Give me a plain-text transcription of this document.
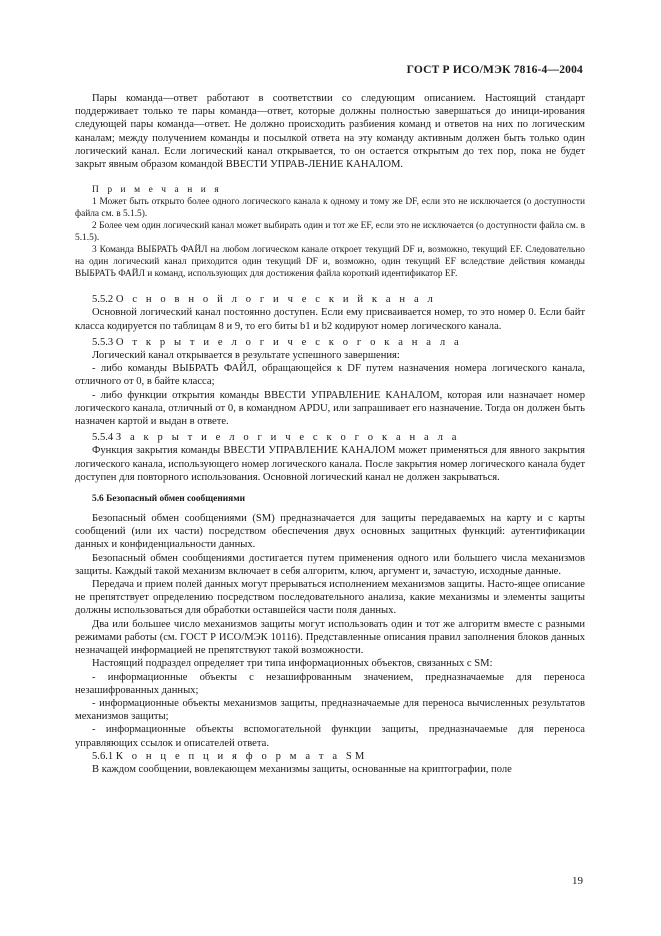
ГОСТ Р ИСО/МЭК 7816-4—2004

Пары команда—ответ работают в соответствии со следующим описанием. Настоящий стандарт поддерживает только те пары команда—ответ, которые должны полностью завершаться до иници-ирования следующей пары команда—ответ. Не должно происходить разбиения команд и ответов на них по логическим каналам; между получением команды и посылкой ответа на эту команду активным должен быть только один логический канал. Если логический канал открывается, то он остается открытым до тех пор, пока не будет закрыт явным образом командой ВВЕСТИ УПРАВ-ЛЕНИЕ КАНАЛОМ.

П р и м е ч а н и я

1 Может быть открыто более одного логического канала к одному и тому же DF, если это не исключается (о доступности файла см. в 5.1.5).

2 Более чем один логический канал может выбирать один и тот же EF, если это не исключается (о доступности файла см. в 5.1.5).

3 Команда ВЫБРАТЬ ФАЙЛ на любом логическом канале откроет текущий DF и, возможно, текущий EF. Следовательно на один логический канал приходится один текущий DF и, возможно, один текущий EF вследствие действия команды ВЫБРАТЬ ФАЙЛ и команд, использующих для достижения файла короткий идентификатор EF.

5.5.2 О с н о в н о й л о г и ч е с к и й к а н а л

Основной логический канал постоянно доступен. Если ему присваивается номер, то это номер 0. Если байт класса кодируется по таблицам 8 и 9, то его биты b1 и b2 кодируют номер логического канала.

5.5.3 О т к р ы т и е л о г и ч е с к о г о к а н а л а

Логический канал открывается в результате успешного завершения:

- либо команды ВЫБРАТЬ ФАЙЛ, обращающейся к DF путем назначения номера логического канала, отличного от 0, в байте класса;

- либо функции открытия команды ВВЕСТИ УПРАВЛЕНИЕ КАНАЛОМ, которая или назначает номер логического канала, отличный от 0, в командном APDU, или запрашивает его назначение. Тогда он должен быть назначен картой и выдан в ответе.

5.5.4 З а к р ы т и е л о г и ч е с к о г о к а н а л а

Функция закрытия команды ВВЕСТИ УПРАВЛЕНИЕ КАНАЛОМ может применяться для явного закрытия логического канала, использующего номер логического канала. После закрытия номер логического канала будет доступен для повторного использования. Основной логический канал не должен закрываться.

5.6 Безопасный обмен сообщениями

Безопасный обмен сообщениями (SM) предназначается для защиты передаваемых на карту и с карты сообщений (или их части) посредством обеспечения двух основных защитных функций: аутентификации данных и конфиденциальности данных.

Безопасный обмен сообщениями достигается путем применения одного или большего числа механизмов защиты. Каждый такой механизм включает в себя алгоритм, ключ, аргумент и, зачастую, исходные данные.

Передача и прием полей данных могут прерываться исполнением механизмов защиты. Насто-ящее описание не препятствует определению посредством последовательного анализа, какие механизмы и элементы защиты должны использоваться для обработки оставшейся части поля данных.

Два или большее число механизмов защиты могут использовать один и тот же алгоритм вместе с разными режимами работы (см. ГОСТ Р ИСО/МЭК 10116). Представленные описания правил заполнения блоков данных незначащей информацией не препятствуют такой возможности.

Настоящий подраздел определяет три типа информационных объектов, связанных с SM:

- информационные объекты с незашифрованным значением, предназначаемые для переноса незашифрованных данных;

- информационные объекты механизмов защиты, предназначаемые для переноса вычисленных результатов механизмов защиты;

- информационные объекты вспомогательной функции защиты, предназначаемые для переноса управляющих ссылок и описателей ответа.

5.6.1 К о н ц е п ц и я ф о р м а т а SM

В каждом сообщении, вовлекающем механизмы защиты, основанные на криптографии, поле

19
